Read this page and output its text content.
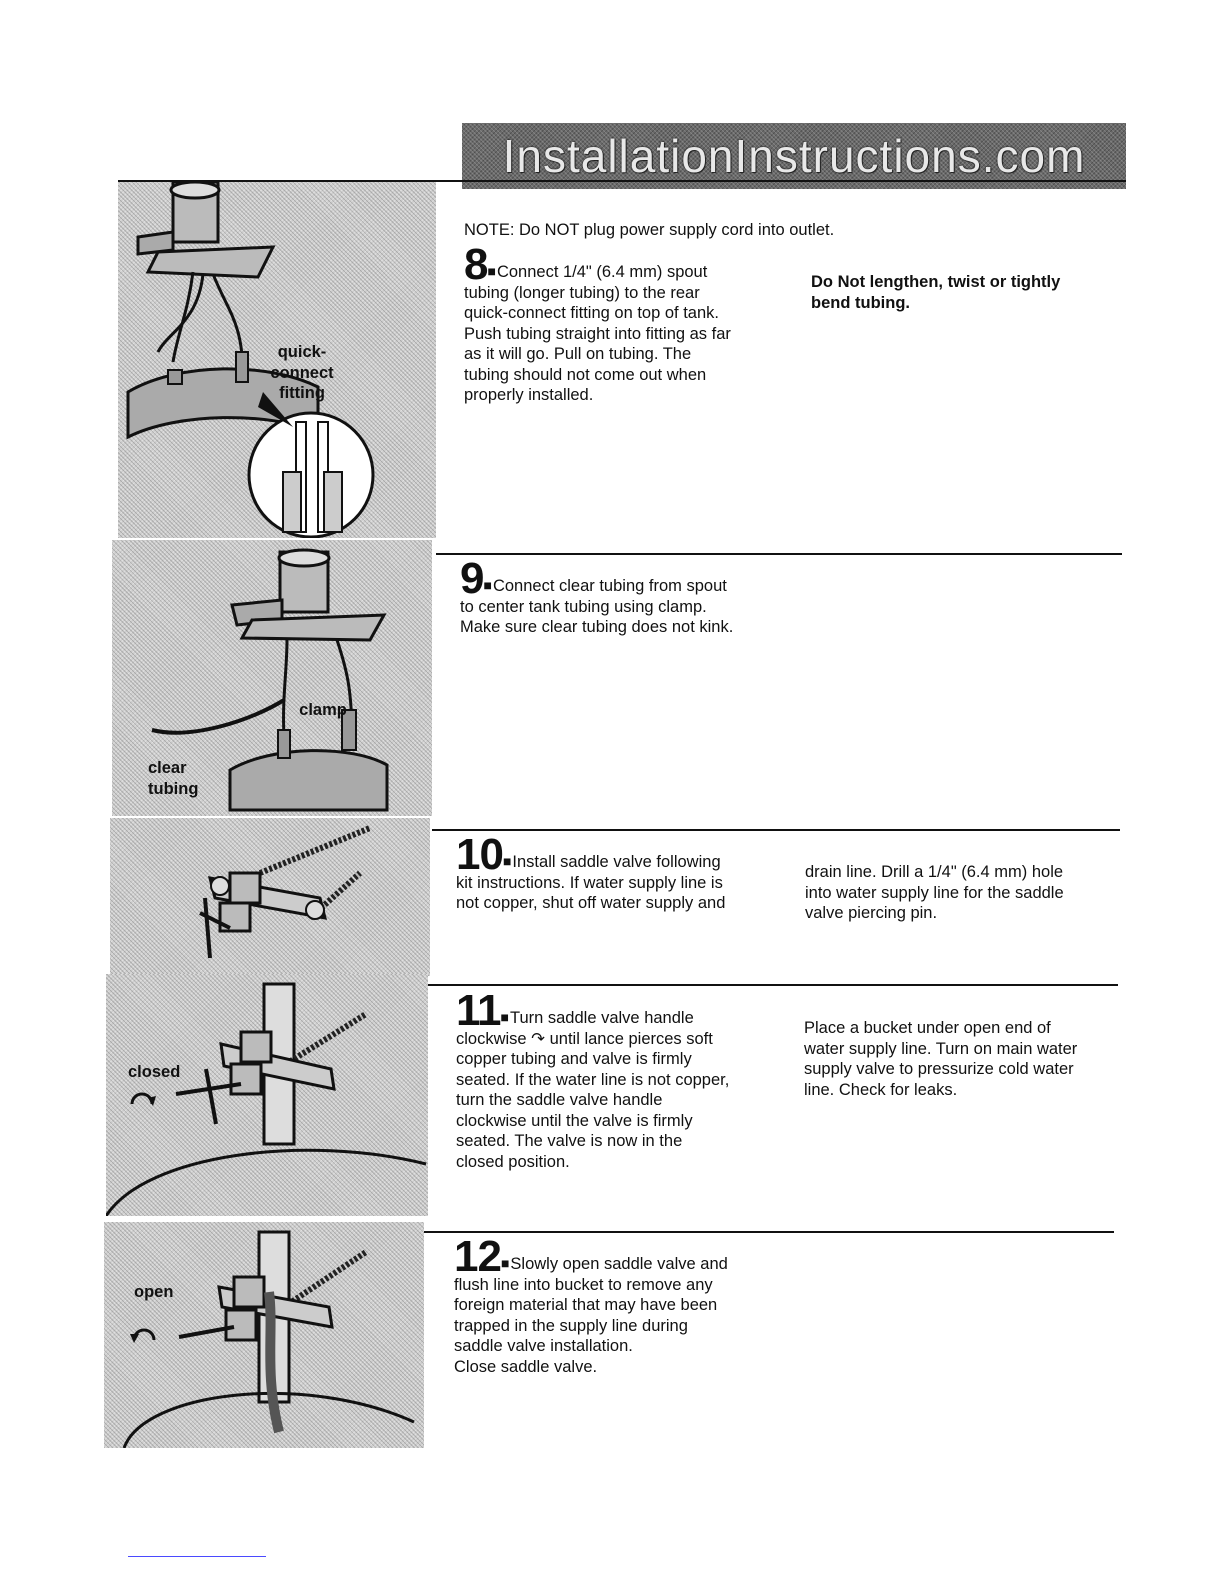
InstallationInstructions.com
quick-
connect
fitting
clamp
clear
tubing
closed
open
NOTE: Do NOT plug power supply cord into outlet.
8■Connect 1/4" (6.4 mm) spout
tubing (longer tubing) to the rear
quick-connect fitting on top of tank.
Push tubing straight into fitting as far
as it will go. Pull on tubing. The
tubing should not come out when
properly installed.
Do Not lengthen, twist or tightly
bend tubing.
9■Connect clear tubing from spout
to center tank tubing using clamp.
Make sure clear tubing does not kink.
10■Install saddle valve following
kit instructions. If water supply line is
not copper, shut off water supply and
drain line. Drill a 1/4" (6.4 mm) hole
into water supply line for the saddle
valve piercing pin.
11■Turn saddle valve handle
clockwise ↷ until lance pierces soft
copper tubing and valve is firmly
seated. If the water line is not copper,
turn the saddle valve handle
clockwise until the valve is firmly
seated. The valve is now in the
closed position.
Place a bucket under open end of
water supply line. Turn on main water
supply valve to pressurize cold water
line. Check for leaks.
12■Slowly open saddle valve and
flush line into bucket to remove any
foreign material that may have been
trapped in the supply line during
saddle valve installation.
Close saddle valve.
